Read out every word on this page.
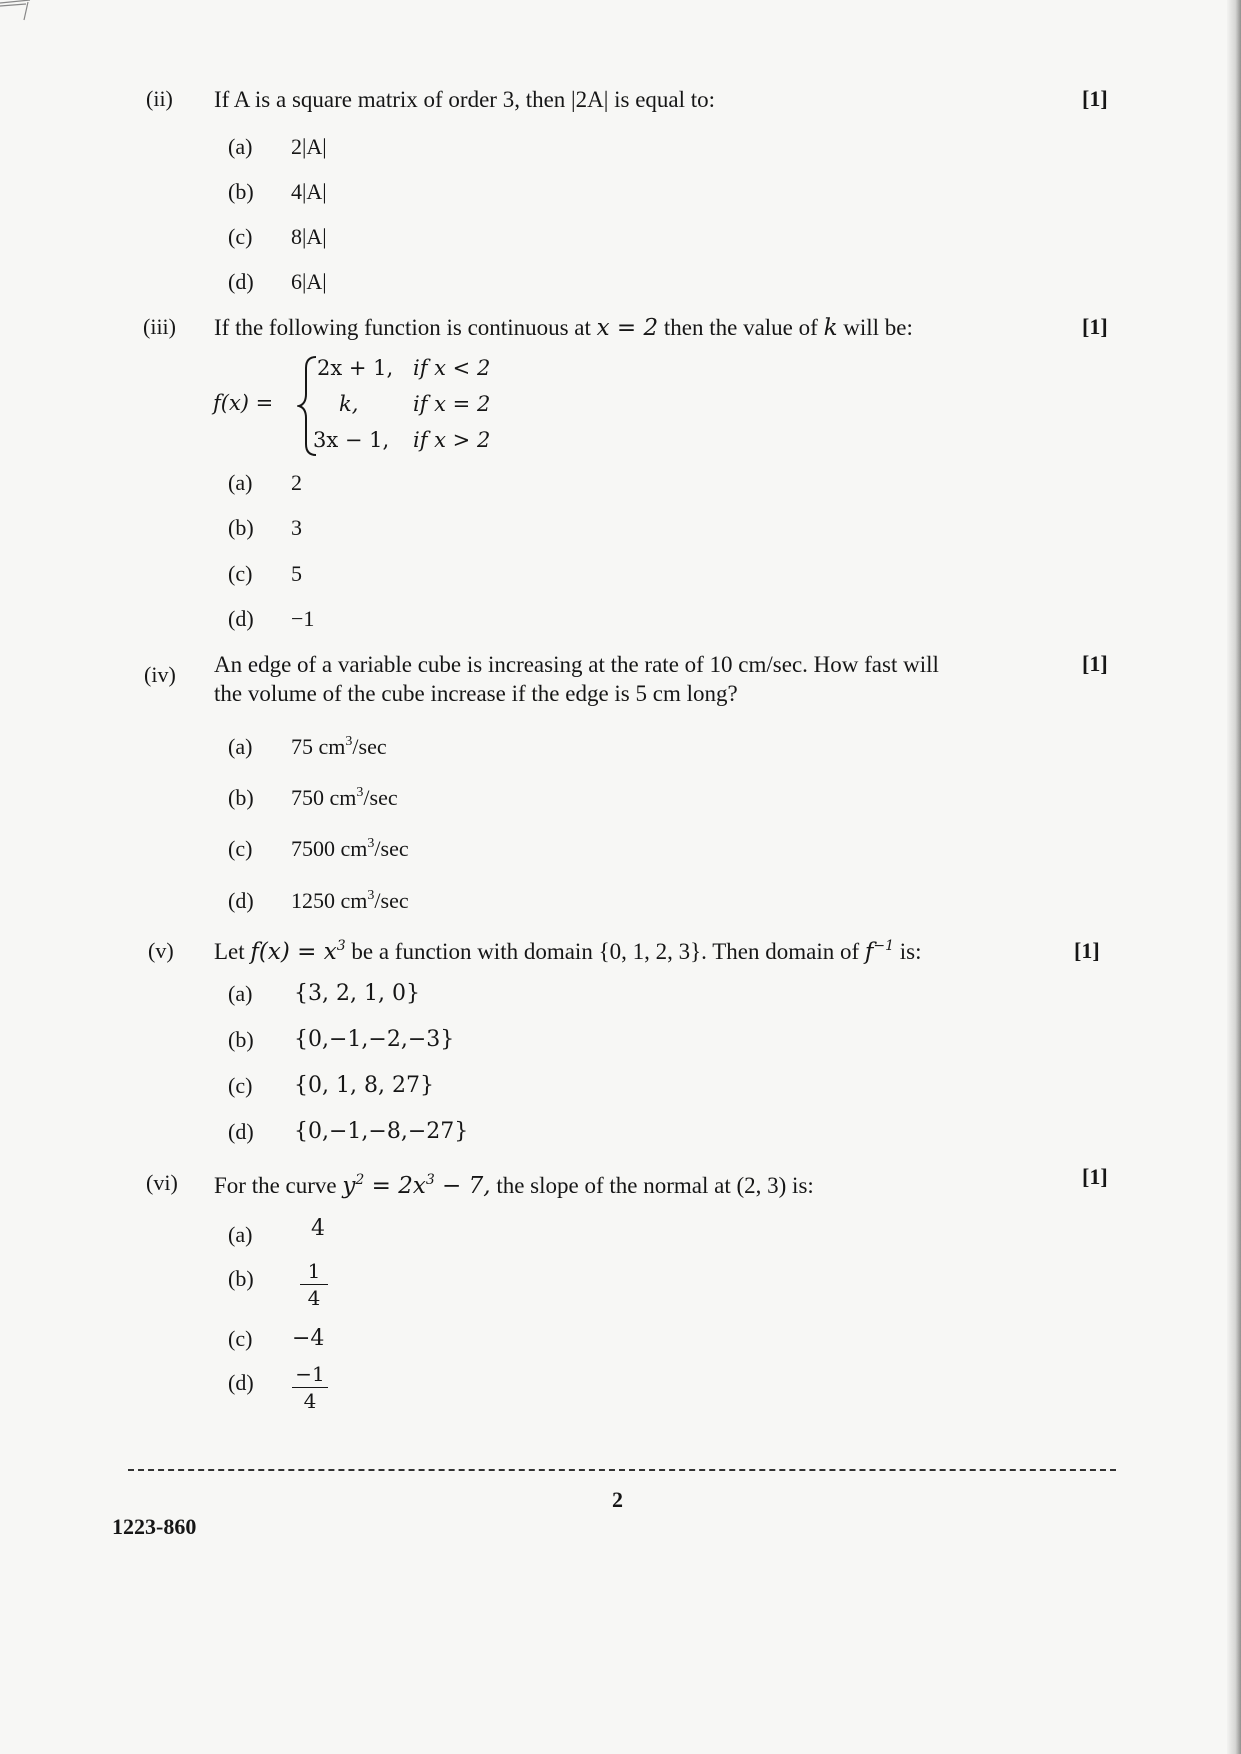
(ii) If A is a square matrix of order 3, then |2A| is equal to:	[1]
(a) 2|A|
(b) 4|A|
(c) 8|A|
(d) 6|A|
(iii) If the following function is continuous at x = 2 then the value of k will be:	[1]
f(x) =
2x + 1, if x < 2
k,	if x = 2
3x − 1, if x > 2
(a) 2
(b) 3
(c) 5
(d) −1
(iv) An edge of a variable cube is increasing at the rate of 10 cm/sec. How fast will
the volume of the cube increase if the edge is 5 cm long?
[1]
(a) 75 $cm^3/\sec$
(b) 750 $cm^3/\sec$
(c) 7500 $cm^3/\sec$
(d) 1250 $cm^3/\sec$
(v) Let $f(x) = x^3$ be a function with domain {0, 1, 2, 3}. Then domain of $f^{-1}$ is:	[1]
(a) {3, 2, 1, 0}
(b) {0,−1,−2,−3}
(c) {0, 1, 8, 27}
(d) {0,−1,−8,−27}
(vi) For the curve $y^2 = 2x^3 - 7$, the slope of the normal at (2, 3) is:	[1]
(a)	4
(b)	1
4
(c) −4
(d) −1
4
2
1223-860
